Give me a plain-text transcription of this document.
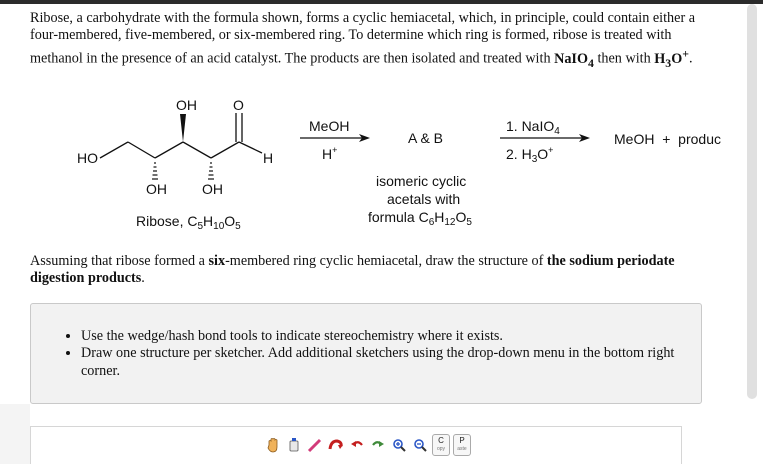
Ribose, a carbohydrate with the formula shown, forms a cyclic hemiacetal, which, in principle, could contain either a four-membered, five-membered, or six-membered ring. To determine which ring is formed, ribose is treated with methanol in the presence of an acid catalyst. The products are then isolated and treated with NaIO$_4$ then with $H_3O^+$.
OH	O
HO	H
OH	OH
Ribose, $C_5H_{10}O_5$
MeOH
H+
A & B
isomeric cyclic
acetals with
formula $C_6H_{12}O_5$
1. NaIO$_4$
2. $H_3O^+$
MeOH  +  produc
Assuming that ribose formed a six-membered ring cyclic hemiacetal, draw the structure of the sodium periodate digestion products.
• Use the wedge/hash bond tools to indicate stereochemistry where it exists.
• Draw one structure per sketcher. Add additional sketchers using the drop-down menu in the bottom right corner.
C
opy
P
aste
